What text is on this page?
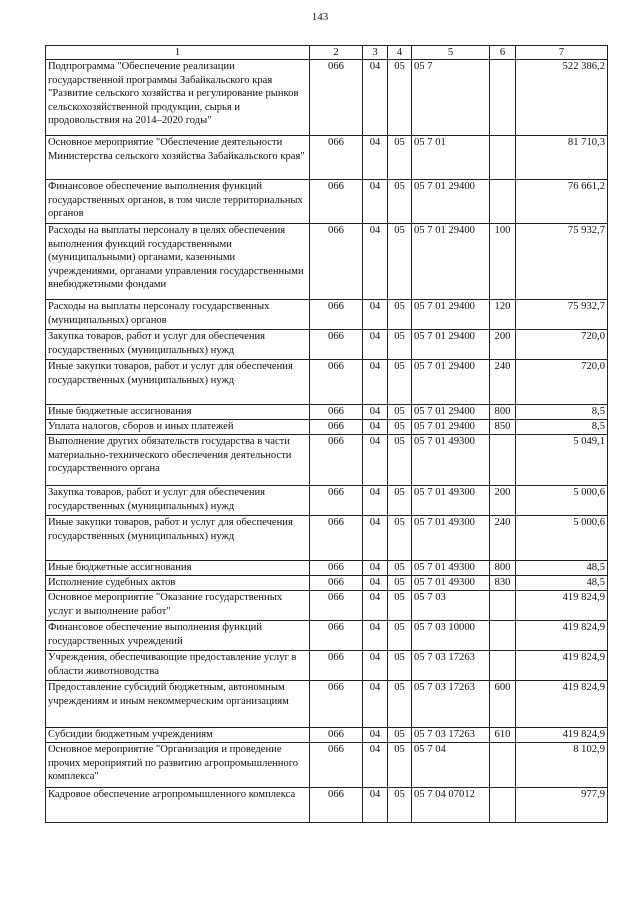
143
1	2	3	4	5	6	7
Подпрограмма "Обеспечение реализации государственной программы Забайкальского края "Развитие сельского хозяйства и регулирование рынков сельскохозяйственной продукции, сырья и продовольствия на 2014–2020 годы"	066	04	05	05 7		522 386,2
Основное мероприятие "Обеспечение деятельности Министерства сельского хозяйства Забайкальского края"	066	04	05	05 7 01		81 710,3
Финансовое обеспечение выполнения функций государственных органов, в том числе территориальных органов	066	04	05	05 7 01 29400		76 661,2
Расходы на выплаты персоналу в целях обеспечения выполнения функций государственными (муниципальными) органами, казенными учреждениями, органами управления государственными внебюджетными фондами	066	04	05	05 7 01 29400	100	75 932,7
Расходы на выплаты персоналу государственных (муниципальных) органов	066	04	05	05 7 01 29400	120	75 932,7
Закупка товаров, работ и услуг для обеспечения государственных (муниципальных) нужд	066	04	05	05 7 01 29400	200	720,0
Иные закупки товаров, работ и услуг для обеспечения государственных (муниципальных) нужд	066	04	05	05 7 01 29400	240	720,0
Иные бюджетные ассигнования	066	04	05	05 7 01 29400	800	8,5
Уплата налогов, сборов и иных платежей	066	04	05	05 7 01 29400	850	8,5
Выполнение других обязательств государства в части материально-технического обеспечения деятельности государственного органа	066	04	05	05 7 01 49300		5 049,1
Закупка товаров, работ и услуг для обеспечения государственных (муниципальных) нужд	066	04	05	05 7 01 49300	200	5 000,6
Иные закупки товаров, работ и услуг для обеспечения государственных (муниципальных) нужд	066	04	05	05 7 01 49300	240	5 000,6
Иные бюджетные ассигнования	066	04	05	05 7 01 49300	800	48,5
Исполнение судебных актов	066	04	05	05 7 01 49300	830	48,5
Основное мероприятие "Оказание государственных услуг и выполнение работ"	066	04	05	05 7 03		419 824,9
Финансовое обеспечение выполнения функций государственных учреждений	066	04	05	05 7 03 10000		419 824,9
Учреждения, обеспечивающие предоставление услуг в области животноводства	066	04	05	05 7 03 17263		419 824,9
Предоставление субсидий бюджетным, автономным учреждениям и иным некоммерческим организациям	066	04	05	05 7 03 17263	600	419 824,9
Субсидии бюджетным учреждениям	066	04	05	05 7 03 17263	610	419 824,9
Основное мероприятие "Организация и проведение прочих мероприятий по развитию агропромышленного комплекса"	066	04	05	05 7 04		8 102,9
Кадровое обеспечение агропромышленного комплекса	066	04	05	05 7 04 07012		977,9
